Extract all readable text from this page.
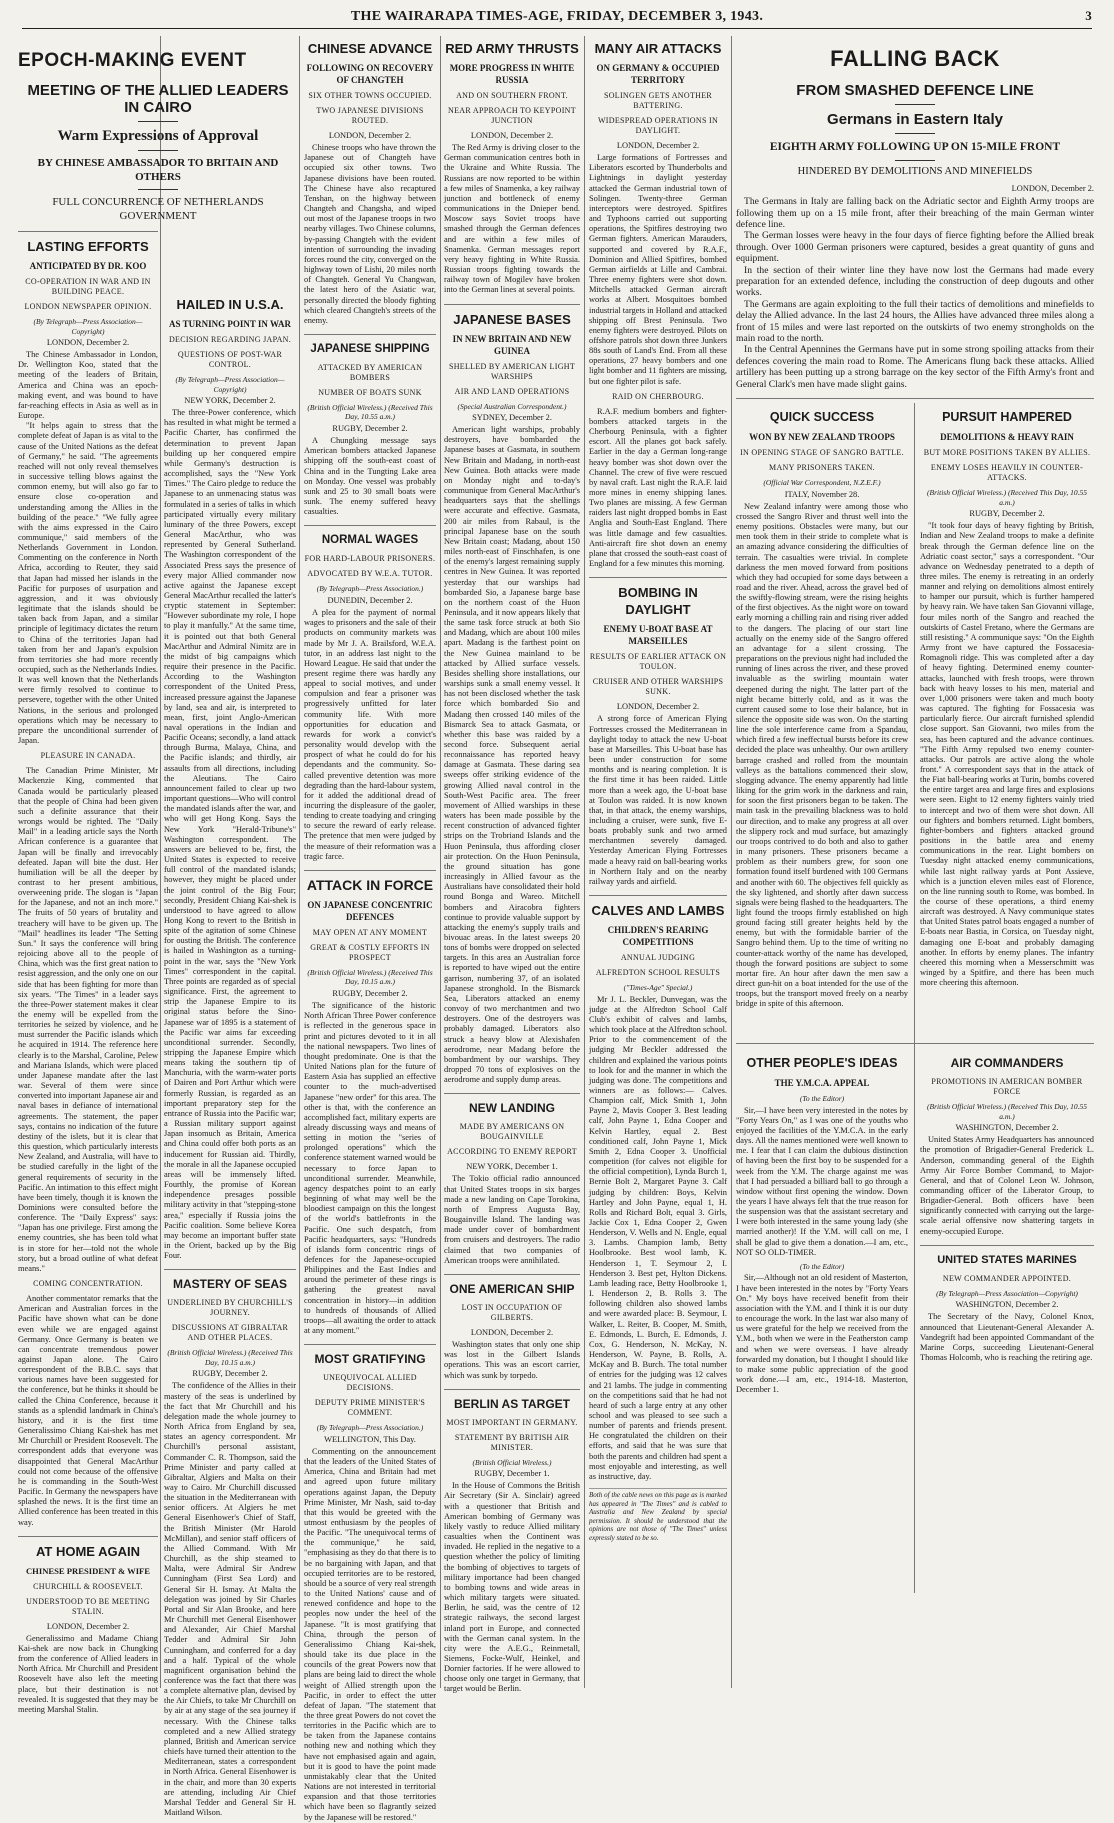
THE WAIRARAPA TIMES-AGE, FRIDAY, DECEMBER 3, 1943.	3
EPOCH-MAKING EVENT
MEETING OF THE ALLIED LEADERS IN CAIRO
Warm Expressions of Approval
BY CHINESE AMBASSADOR TO BRITAIN AND OTHERS
FULL CONCURRENCE OF NETHERLANDS GOVERNMENT
LASTING EFFORTS
ANTICIPATED BY DR. KOO
CO-OPERATION IN WAR AND IN BUILDING PEACE.
LONDON NEWSPAPER OPINION.
(By Telegraph—Press Association—Copyright)
LONDON, December 2.

The Chinese Ambassador in London, Dr. Wellington Koo, stated that the meeting of the leaders of Britain, America and China was an epoch-making event, and was bound to have far-reaching effects in Asia as well as in Europe.

"It helps again to stress that the complete defeat of Japan is as vital to the cause of the United Nations as the defeat of Germany," he said. "The agreements reached will not only reveal themselves in successive telling blows against the common enemy, but will also go far to ensure close co-operation and understanding among the Allies in the building of the peace." "We fully agree with the aims expressed in the Cairo communique," said members of the Netherlands Government in London. Commenting on the conference in North Africa, according to Reuter, they said that Japan had missed her islands in the Pacific for purposes of usurpation and aggression, and it was obviously legitimate that the islands should be taken back from Japan, and a similar principle of legitimacy dictates the return to China of the territories Japan had taken from her and Japan's expulsion from territories she had more recently occupied, such as the Netherlands Indies. It was well known that the Netherlands were firmly resolved to continue to persevere, together with the other United Nations, in the serious and prolonged operations which may be necessary to prepare the unconditional surrender of Japan.

PLEASURE IN CANADA.

The Canadian Prime Minister, Mr Mackenzie King, commented that Canada would be particularly pleased that the people of China had been given such a definite assurance that their wrongs would be righted. The "Daily Mail" in a leading article says the North African conference is a guarantee that Japan will be finally and irrevocably defeated. Japan will bite the dust. Her humiliation will be all the deeper by contrast to her present ambitious, overweening pride. The slogan is "Japan for the Japanese, and not an inch more." The fruits of 50 years of brutality and treachery will have to be given up. The "Mail" headlines its leader "The Setting Sun." It says the conference will bring rejoicing above all to the people of China, which was the first great nation to resist aggression, and the only one on our side that has been fighting for more than six years. "The Times" in a leader says the three-Power statement makes it clear the enemy will be expelled from the territories he seized by violence, and he must surrender the Pacific islands which he acquired in 1914. The reference here clearly is to the Marshal, Caroline, Pelew and Mariana Islands, which were placed under Japanese mandate after the last war. Several of them were since converted into important Japanese air and naval bases in defiance of international agreements. The statement, the paper says, contains no indication of the future destiny of the islets, but it is clear that this question, which particularly interests New Zealand, and Australia, will have to be studied carefully in the light of the general requirements of security in the Pacific. An intimation to this effect might have been timely, though it is known the Dominions were consulted before the conference. The "Daily Express" says: "Japan has one privilege. First among the enemy countries, she has been told what is in store for her—told not the whole story, but a broad outline of what defeat means."

COMING CONCENTRATION.

Another commentator remarks that the American and Australian forces in the Pacific have shown what can be done even while we are engaged against Germany. Once Germany is beaten we can concentrate tremendous power against Japan alone. The Cairo correspondent of the B.B.C. says that various names have been suggested for the conference, but he thinks it should be called the China Conference, because it stands as a splendid landmark in China's history, and it is the first time Generalissimo Chiang Kai-shek has met Mr Churchill or President Roosevelt. The correspondent adds that everyone was disappointed that General MacArthur could not come because of the offensive he is commanding in the South-West Pacific. In Germany the newspapers have splashed the news. It is the first time an Allied conference has been treated in this way.

AT HOME AGAIN
CHINESE PRESIDENT & WIFE
CHURCHILL & ROOSEVELT.
UNDERSTOOD TO BE MEETING STALIN.
LONDON, December 2.

Generalissimo and Madame Chiang Kai-shek are now back in Chungking from the conference of Allied leaders in North Africa. Mr Churchill and President Roosevelt have also left the meeting place, but their destination is not revealed. It is suggested that they may be meeting Marshal Stalin.

HAILED IN U.S.A.
AS TURNING POINT IN WAR
DECISION REGARDING JAPAN.
QUESTIONS OF POST-WAR CONTROL.
(By Telegraph—Press Association—Copyright)
NEW YORK, December 2.

The three-Power conference, which has resulted in what might be termed a Pacific Charter, has confirmed the determination to prevent Japan building up her conquered empire while Germany's destruction is accomplished, says the "New York Times." The Cairo pledge to reduce the Japanese to an unmenacing status was formulated in a series of talks in which participated virtually every military luminary of the three Powers, except General MacArthur, who was represented by General Sutherland. The Washington correspondent of the Associated Press says the presence of every major Allied commander now active against the Japanese except General MacArthur recalled the latter's cryptic statement in September: "However subordinate my role, I hope to play it manfully." At the same time, it is pointed out that both General MacArthur and Admiral Nimitz are in the midst of big campaigns which require their presence in the Pacific. According to the Washington correspondent of the United Press, increased pressure against the Japanese by land, sea and air, is interpreted to mean, first, joint Anglo-American naval operations in the Indian and Pacific Oceans; secondly, a land attack through Burma, Malaya, China, and the Pacific islands; and thirdly, air assaults from all directions, including the Aleutians. The Cairo announcement failed to clear up two important questions—Who will control the mandated islands after the war, and who will get Hong Kong. Says the New York "Herald-Tribune's" Washington correspondent. The answers are believed to be, first, the United States is expected to receive full control of the mandated islands; however, they might be placed under the joint control of the Big Four; secondly, President Chiang Kai-shek is understood to have agreed to allow Hong Kong to revert to the British in spite of the agitation of some Chinese for ousting the British. The conference is hailed in Washington as a turning-point in the war, says the "New York Times" correspondent in the capital. Three points are regarded as of special significance. First, the agreement to strip the Japanese Empire to its original status before the Sino-Japanese war of 1895 is a statement of the Pacific war aims far exceeding unconditional surrender. Secondly, stripping the Japanese Empire which means taking the southern tip of Manchuria, with the warm-water ports of Dairen and Port Arthur which were formerly Russian, is regarded as an important preparatory step for the entrance of Russia into the Pacific war; a Russian military support against Japan insomuch as Britain, America and China could offer both ports as an inducement for Russian aid. Thirdly, the morale in all the Japanese occupied areas will be immensely lifted. Fourthly, the promise of Korean independence presages possible military activity in that "stepping-stone area," especially if Russia joins the Pacific coalition. Some believe Korea may become an important buffer state in the Orient, backed up by the Big Four.

MASTERY OF SEAS
UNDERLINED BY CHURCHILL'S JOURNEY.
DISCUSSIONS AT GIBRALTAR AND OTHER PLACES.
(British Official Wireless.) (Received This Day, 10.15 a.m.)
RUGBY, December 2.

The confidence of the Allies in their mastery of the seas is underlined by the fact that Mr Churchill and his delegation made the whole journey to North Africa from England by sea, states an agency correspondent. Mr Churchill's personal assistant, Commander C. R. Thompson, said the Prime Minister and party called at Gibraltar, Algiers and Malta on their way to Cairo. Mr Churchill discussed the situation in the Mediterranean with senior officers. At Algiers he met General Eisenhower's Chief of Staff, the British Minister (Mr Harold McMillan), and senior staff officers of the Allied Command. With Mr Churchill, as the ship steamed to Malta, were Admiral Sir Andrew Cunningham (First Sea Lord) and General Sir H. Ismay. At Malta the delegation was joined by Sir Charles Portal and Sir Alan Brooke, and here Mr Churchill met General Eisenhower and Alexander, Air Chief Marshal Tedder and Admiral Sir John Cunningham, and conferred for a day and a half. Typical of the whole magnificent organisation behind the conference was the fact that there was a complete alternative plan, devised by the Air Chiefs, to take Mr Churchill on by air at any stage of the sea journey if necessary. With the Chinese talks completed and a new Allied strategy planned, British and American service chiefs have turned their attention to the Mediterranean, states a correspondent in North Africa. General Eisenhower is in the chair, and more than 30 experts are attending, including Air Chief Marshal Tedder and General Sir H. Maitland Wilson.

CHINESE ADVANCE
FOLLOWING ON RECOVERY OF CHANGTEH
SIX OTHER TOWNS OCCUPIED.
TWO JAPANESE DIVISIONS ROUTED.
LONDON, December 2.

Chinese troops who have thrown the Japanese out of Changteh have occupied six other towns. Two Japanese divisions have been routed. The Chinese have also recaptured Tenshan, on the highway between Changteh and Changsha, and wiped out most of the Japanese troops in two nearby villages. Two Chinese columns, by-passing Changteh with the evident intention of surrounding the invading forces round the city, converged on the highway town of Lishi, 20 miles north of Changteh. General Yu Changwan, the latest hero of the Asiatic war, personally directed the bloody fighting which cleared Changteh's streets of the enemy.

JAPANESE SHIPPING
ATTACKED BY AMERICAN BOMBERS
NUMBER OF BOATS SUNK
(British Official Wireless.) (Received This Day, 10.55 a.m.)
RUGBY, December 2.

A Chungking message says American bombers attacked Japanese shipping off the south-east coast of China and in the Tungting Lake area on Monday. One vessel was probably sunk and 25 to 30 small boats were sunk. The enemy suffered heavy casualties.

NORMAL WAGES
FOR HARD-LABOUR PRISONERS.
ADVOCATED BY W.E.A. TUTOR.
(By Telegraph—Press Association.)
DUNEDIN, December 2.

A plea for the payment of normal wages to prisoners and the sale of their products on community markets was made by Mr J. A. Brailsford, W.E.A. tutor, in an address last night to the Howard League. He said that under the present regime there was hardly any appeal to social motives, and under compulsion and fear a prisoner was progressively unfitted for later community life. With more opportunities for education and rewards for work a convict's personality would develop with the prospect of what he could do for his dependants and the community. So-called preventive detention was more degrading than the hard-labour system, for it added the additional dread of incurring the displeasure of the gaoler, tending to create toadying and cringing to secure the reward of early release. The pretence that men were judged by the measure of their reformation was a tragic farce.

ATTACK IN FORCE
ON JAPANESE CONCENTRIC DEFENCES
MAY OPEN AT ANY MOMENT
GREAT & COSTLY EFFORTS IN PROSPECT
(British Official Wireless.) (Received This Day, 10.15 a.m.)
RUGBY, December 2.

The significance of the historic North African Three Power conference is reflected in the generous space in print and pictures devoted to it in all the national newspapers. Two lines of thought predominate. One is that the United Nations plan for the future of Eastern Asia has supplied an effective counter to the much-advertised Japanese "new order" for this area. The other is that, with the conference an accomplished fact, military experts are already discussing ways and means of setting in motion the "series of prolonged operations" which the conference statement warned would be necessary to force Japan to unconditional surrender. Meanwhile, agency despatches point to an early beginning of what may well be the bloodiest campaign on this the longest of the world's battlefronts in the Pacific. One such despatch, from Pacific headquarters, says: "Hundreds of islands form concentric rings of defences for the Japanese-occupied Philippines and the East Indies and around the perimeter of these rings is gathering the greatest naval concentration in history—in addition to hundreds of thousands of Allied troops—all awaiting the order to attack at any moment."

MOST GRATIFYING
UNEQUIVOCAL ALLIED DECISIONS.
DEPUTY PRIME MINISTER'S COMMENT.
(By Telegraph—Press Association.)
WELLINGTON, This Day.

Commenting on the announcement that the leaders of the United States of America, China and Britain had met and agreed upon future military operations against Japan, the Deputy Prime Minister, Mr Nash, said to-day that this would be greeted with the utmost enthusiasm by the peoples of the Pacific. "The unequivocal terms of the communique," he said, "emphasising as they do that there is to be no bargaining with Japan, and that occupied territories are to be restored, should be a source of very real strength to the United Nations' cause and of renewed confidence and hope to the peoples now under the heel of the Japanese. "It is most gratifying that China, through the person of Generalissimo Chiang Kai-shek, should take its due place in the councils of the great Powers now that plans are being laid to direct the whole weight of Allied strength upon the Pacific, in order to effect the utter defeat of Japan. "The statement that the three great Powers do not covet the territories in the Pacific which are to be taken from the Japanese contains nothing new and nothing which they have not emphasised again and again, but it is good to have the point made unmistakably clear that the United Nations are not interested in territorial expansion and that those territories which have been so flagrantly seized by the Japanese will be restored."

RED ARMY THRUSTS
MORE PROGRESS IN WHITE RUSSIA
AND ON SOUTHERN FRONT.
NEAR APPROACH TO KEYPOINT JUNCTION
LONDON, December 2.

The Red Army is driving closer to the German communication centres both in the Ukraine and White Russia. The Russians are now reported to be within a few miles of Snamenka, a key railway junction and bottleneck of enemy communications in the Dnieper bend. Moscow says Soviet troops have smashed through the German defences and are within a few miles of Snamenka. German messages report very heavy fighting in White Russia. Russian troops fighting towards the railway town of Mogilev have broken into the German lines at several points.

JAPANESE BASES
IN NEW BRITAIN AND NEW GUINEA
SHELLED BY AMERICAN LIGHT WARSHIPS
AIR AND LAND OPERATIONS
(Special Australian Correspondent.)
SYDNEY, December 2.

American light warships, probably destroyers, have bombarded the Japanese bases at Gasmata, in southern New Britain and Madang, in north-east New Guinea. Both attacks were made on Monday night and to-day's communique from General MacArthur's headquarters says that the shellings were accurate and effective. Gasmata, 200 air miles from Rabaul, is the principal Japanese base on the south New Britain coast; Madang, about 150 miles north-east of Finschhafen, is one of the enemy's largest remaining supply centres in New Guinea. It was reported yesterday that our warships had bombarded Sio, a Japanese barge base on the northern coast of the Huon Peninsula, and it now appears likely that the same task force struck at both Sio and Madang, which are about 100 miles apart. Madang is the farthest point on the New Guinea mainland to be attacked by Allied surface vessels. Besides shelling shore installations, our warships sunk a small enemy vessel. It has not been disclosed whether the task force which bombarded Sio and Madang then crossed 140 miles of the Bismarck Sea to attack Gasmata, or whether this base was raided by a second force. Subsequent aerial reconnaissance has reported heavy damage at Gasmata. These daring sea sweeps offer striking evidence of the growing Allied naval control in the South-West Pacific area. The freer movement of Allied warships in these waters has been made possible by the recent construction of advanced fighter strips on the Trobriand Islands and the Huon Peninsula, thus affording closer air protection. On the Huon Peninsula, the ground situation has gone increasingly in Allied favour as the Australians have consolidated their hold round Bonga and Wareo. Mitchell bombers and Airacobra fighters continue to provide valuable support by attacking the enemy's supply trails and bivouac areas. In the latest sweeps 20 tons of bombs were dropped on selected targets. In this area an Australian force is reported to have wiped out the entire garrison, numbering 37, of an isolated Japanese stronghold. In the Bismarck Sea, Liberators attacked an enemy convoy of two merchantmen and two destroyers. One of the destroyers was probably damaged. Liberators also struck a heavy blow at Alexishafen aerodrome, near Madang before the bombardment by our warships. They dropped 70 tons of explosives on the aerodrome and supply dump areas.

NEW LANDING
MADE BY AMERICANS ON BOUGAINVILLE
ACCORDING TO ENEMY REPORT
NEW YORK, December 1.

The Tokio official radio announced that United States troops in six barges made a new landing on Cape Torokina, north of Empress Augusta Bay, Bougainville Island. The landing was made under cover of bombardment from cruisers and destroyers. The radio claimed that two companies of American troops were annihilated.

ONE AMERICAN SHIP
LOST IN OCCUPATION OF GILBERTS.
LONDON, December 2.

Washington states that only one ship was lost in the Gilbert Islands operations. This was an escort carrier, which was sunk by torpedo.

BERLIN AS TARGET
MOST IMPORTANT IN GERMANY.
STATEMENT BY BRITISH AIR MINISTER.
(British Official Wireless.)
RUGBY, December 1.

In the House of Commons the British Air Secretary (Sir A. Sinclair) agreed with a questioner that British and American bombing of Germany was likely vastly to reduce Allied military casualties when the Continent was invaded. He replied in the negative to a question whether the policy of limiting the bombing of objectives to targets of military importance had been changed to bombing towns and wide areas in which military targets were situated. Berlin, he said, was the centre of 12 strategic railways, the second largest inland port in Europe, and connected with the German canal system. In the city were the A.E.G., Reinmetall, Siemens, Focke-Wulf, Heinkel, and Dornier factories. If he were allowed to choose only one target in Germany, that target would be Berlin.

MANY AIR ATTACKS
ON GERMANY & OCCUPIED TERRITORY
SOLINGEN GETS ANOTHER BATTERING.
WIDESPREAD OPERATIONS IN DAYLIGHT.
LONDON, December 2.

Large formations of Fortresses and Liberators escorted by Thunderbolts and Lightnings in daylight yesterday attacked the German industrial town of Solingen. Twenty-three German interceptors were destroyed. Spitfires and Typhoons carried out supporting operations, the Spitfires destroying two German fighters. American Marauders, supported and covered by R.A.F., Dominion and Allied Spitfires, bombed German airfields at Lille and Cambrai. Three enemy fighters were shot down. Mitchells attacked German aircraft works at Albert. Mosquitoes bombed industrial targets in Holland and attacked shipping off Brest Peninsula. Two enemy fighters were destroyed. Pilots on offshore patrols shot down three Junkers 88s south of Land's End. From all these operations, 27 heavy bombers and one light bomber and 11 fighters are missing, but one fighter pilot is safe.

RAID ON CHERBOURG.

R.A.F. medium bombers and fighter-bombers attacked targets in the Cherbourg Peninsula, with a fighter escort. All the planes got back safely. Earlier in the day a German long-range heavy bomber was shot down over the Channel. The crew of five were rescued by naval craft. Last night the R.A.F. laid more mines in enemy shipping lanes. Two planes are missing. A few German raiders last night dropped bombs in East Anglia and South-East England. There was little damage and few casualties. Anti-aircraft fire shot down an enemy plane that crossed the south-east coast of England for a few minutes this morning.

BOMBING IN DAYLIGHT
ENEMY U-BOAT BASE AT MARSEILLES
RESULTS OF EARLIER ATTACK ON TOULON.
CRUISER AND OTHER WARSHIPS SUNK.
LONDON, December 2.

A strong force of American Flying Fortresses crossed the Mediterranean in daylight today to attack the new U-boat base at Marseilles. This U-boat base has been under construction for some months and is nearing completion. It is the first time it has been raided. Little more than a week ago, the U-boat base at Toulon was raided. It is now known that, in that attack, the enemy warships, including a cruiser, were sunk, five E-boats probably sunk and two armed merchantmen severely damaged. Yesterday American Flying Fortresses made a heavy raid on ball-bearing works in Northern Italy and on the nearby railway yards and airfield.

CALVES AND LAMBS
CHILDREN'S REARING COMPETITIONS
ANNUAL JUDGING
ALFREDTON SCHOOL RESULTS
("Times-Age" Special.)

Mr J. L. Beckler, Dunvegan, was the judge at the Alfredton School Calf Club's exhibit of calves and lambs, which took place at the Alfredton school. Prior to the commencement of the judging Mr Beckler addressed the children and explained the various points to look for and the manner in which the judging was done. The competitions and winners are as follows:— Calves. Champion calf, Mick Smith 1, John Payne 2, Mavis Cooper 3. Best leading calf, John Payne 1, Edna Cooper and Kelvin Hartley, equal 2. Best conditioned calf, John Payne 1, Mick Smith 2, Edna Cooper 3. Unofficial competition (for calves not eligible for the official competition), Lynda Burch 1, Bernie Bolt 2, Margaret Payne 3. Calf judging by children: Boys, Kelvin Hartley and John Payne, equal 1, H. Rolls and Richard Bolt, equal 3. Girls, Jackie Cox 1, Edna Cooper 2, Gwen Henderson, V. Wells and N. Engle, equal 3. Lambs. Champion lamb, Betty Hoolbrooke. Best wool lamb, K. Henderson 1, T. Seymour 2, I. Henderson 3. Best pet, Hylton Dickens. Lamb leading race, Betty Hoolbrooke 1, I. Henderson 2, B. Rolls 3. The following children also showed lambs and were awarded place: B. Seymour, I. Walker, L. Reiter, B. Cooper, M. Smith, E. Edmonds, L. Burch, E. Edmonds, J. Cox, G. Henderson, N. McKay, N. Henderson, W. Payne, B. Rolls, A. McKay and B. Burch. The total number of entries for the judging was 12 calves and 21 lambs. The judge in commenting on the competitions said that he had not heard of such a large entry at any other school and was pleased to see such a number of parents and friends present. He congratulated the children on their efforts, and said that he was sure that both the parents and children had spent a most enjoyable and interesting, as well as instructive, day.

Both of the cable news on this page as is marked has appeared in "The Times" and is cabled to Australia and New Zealand by special permission. It should be understood that the opinions are not those of "The Times" unless expressly stated to be so.
FALLING BACK
FROM SMASHED DEFENCE LINE
Germans in Eastern Italy
EIGHTH ARMY FOLLOWING UP ON 15-MILE FRONT
HINDERED BY DEMOLITIONS AND MINEFIELDS
LONDON, December 2.

The Germans in Italy are falling back on the Adriatic sector and Eighth Army troops are following them up on a 15 mile front, after their breaching of the main German winter defence line.

The German losses were heavy in the four days of fierce fighting before the Allied break through. Over 1000 German prisoners were captured, besides a great quantity of guns and equipment.

In the section of their winter line they have now lost the Germans had made every preparation for an extended defence, including the construction of deep dugouts and other works.

The Germans are again exploiting to the full their tactics of demolitions and minefields to delay the Allied advance. In the last 24 hours, the Allies have advanced three miles along a front of 15 miles and were last reported on the outskirts of two enemy strongholds on the main road to the north.

In the Central Apennines the Germans have put in some strong spoiling attacks from their defences covering the main road to Rome. The Americans flung back these attacks. Allied artillery has been putting up a strong barrage on the key sector of the Fifth Army's front and General Clark's men have made slight gains.

QUICK SUCCESS
WON BY NEW ZEALAND TROOPS
IN OPENING STAGE OF SANGRO BATTLE.
MANY PRISONERS TAKEN.
(Official War Correspondent, N.Z.E.F.)
ITALY, November 28.

New Zealand infantry were among those who crossed the Sangro River and thrust well into the enemy positions. Obstacles were many, but our men took them in their stride to complete what is an amazing advance considering the difficulties of terrain. The casualties were trivial. In complete darkness the men moved forward from positions which they had occupied for some days between a road and the river. Ahead, across the gravel bed of the swiftly-flowing stream, were the rising heights of the first objectives. As the night wore on toward early morning a chilling rain and rising river added to the dangers. The placing of our start line actually on the enemy side of the Sangro offered an advantage for a silent crossing. The preparations on the previous night had included the running of lines across the river, and these proved invaluable as the swirling mountain water deepened during the night. The latter part of the night became bitterly cold, and as it was the current caused some to lose their balance, but in silence the opposite side was won. On the starting line the sole interference came from a Spandau, which fired a few ineffectual bursts before its crew decided the place was unhealthy. Our own artillery barrage crashed and rolled from the mountain valleys as the battalions commenced their slow, slogging advance. The enemy apparently had little liking for the grim work in the darkness and rain, for soon the first prisoners began to be taken. The main task in the prevailing blackness was to hold our direction, and to make any progress at all over the slippery rock and mud surface, but amazingly our troops contrived to do both and also to gather in many prisoners. These prisoners became a problem as their numbers grew, for soon one formation found itself burdened with 100 Germans and another with 60. The objectives fell quickly as the sky lightened, and shortly after dawn success signals were being flashed to the headquarters. The light found the troops firmly established on high ground facing still greater heights held by the enemy, but with the formidable barrier of the Sangro behind them. Up to the time of writing no counter-attack worthy of the name has developed, though the forward positions are subject to some mortar fire. An hour after dawn the men saw a direct gun-hit on a boat intended for the use of the troops, but the transport moved freely on a nearby bridge in spite of this afternoon.

PURSUIT HAMPERED
DEMOLITIONS & HEAVY RAIN
BUT MORE POSITIONS TAKEN BY ALLIES.
ENEMY LOSES HEAVILY IN COUNTER-ATTACKS.
(British Official Wireless.) (Received This Day, 10.55 a.m.)
RUGBY, December 2.

"It took four days of heavy fighting by British, Indian and New Zealand troops to make a definite break through the German defence line on the Adriatic coast sector," says a correspondent. "Our advance on Wednesday penetrated to a depth of three miles. The enemy is retreating in an orderly manner and relying on demolitions almost entirely to hamper our pursuit, which is further hampered by heavy rain. We have taken San Giovanni village, four miles north of the Sangro and reached the outskirts of Castel Fretano, where the Germans are still resisting." A communique says: "On the Eighth Army front we have captured the Fossacesia-Romagnoli ridge. This was completed after a day of heavy fighting. Determined enemy counter-attacks, launched with fresh troops, were thrown back with heavy losses to his men, material and over 1,000 prisoners were taken and much booty was captured. The fighting for Fossacesia was particularly fierce. Our aircraft furnished splendid close support. San Giovanni, two miles from the sea, has been captured and the advance continues. "The Fifth Army repulsed two enemy counter-attacks. Our patrols are active along the whole front." A correspondent says that in the attack of the Fiat ball-bearing works at Turin, bombs covered the entire target area and large fires and explosions were seen. Eight to 12 enemy fighters vainly tried to intercept and two of them were shot down. All our fighters and bombers returned. Light bombers, fighter-bombers and fighters attacked ground positions in the battle area and enemy communications in the rear. Light bombers on Tuesday night attacked enemy communications, while last night railway yards at Pont Assieve, which is a junction eleven miles east of Florence, on the line running south to Rome, was bombed. In the course of these operations, a third enemy aircraft was destroyed. A Navy communique states that United States patrol boats engaged a number of E-boats near Bastia, in Corsica, on Tuesday night, damaging one E-boat and probably damaging another. In efforts by enemy planes. The infantry cheered this morning when a Messerschmitt was winged by a Spitfire, and there has been much more cheering this afternoon.

OTHER PEOPLE'S IDEAS
THE Y.M.C.A. APPEAL
(To the Editor)

Sir,—I have been very interested in the notes by "Forty Years On," as I was one of the youths who enjoyed the facilities of the Y.M.C.A. in the early days. All the names mentioned were well known to me. I fear that I can claim the dubious distinction of having been the first boy to be suspended for a week from the Y.M. The charge against me was that I had persuaded a billiard ball to go through a window without first opening the window. Down the years I have always felt that the true reason for the suspension was that the assistant secretary and I were both interested in the same young lady (she married another)! If the Y.M. will call on me, I shall be glad to give them a donation.—I am, etc., NOT SO OLD-TIMER.

(To the Editor)

Sir,—Although not an old resident of Masterton, I have been interested in the notes by "Forty Years On." My boys have received benefit from their association with the Y.M. and I think it is our duty to encourage the work. In the last war also many of us were grateful for the help we received from the Y.M., both when we were in the Featherston camp and when we were overseas. I have already forwarded my donation, but I thought I should like to make some public appreciation of the good work done.—I am, etc., 1914-18. Masterton, December 1.

AIR COMMANDERS
PROMOTIONS IN AMERICAN BOMBER FORCE
(British Official Wireless.) (Received This Day, 10.55 a.m.)
WASHINGTON, December 2.

United States Army Headquarters has announced the promotion of Brigadier-General Frederick L. Anderson, commanding general of the Eighth Army Air Force Bomber Command, to Major-General, and that of Colonel Leon W. Johnson, commanding officer of the Liberator Group, to Brigadier-General. Both officers have been significantly connected with carrying out the large-scale aerial offensive now shattering targets in enemy-occupied Europe.

UNITED STATES MARINES
NEW COMMANDER APPOINTED.
(By Telegraph—Press Association—Copyright)
WASHINGTON, December 2.

The Secretary of the Navy, Colonel Knox, announced that Lieutenant-General Alexander A. Vandegrift had been appointed Commandant of the Marine Corps, succeeding Lieutenant-General Thomas Holcomb, who is reaching the retiring age.
